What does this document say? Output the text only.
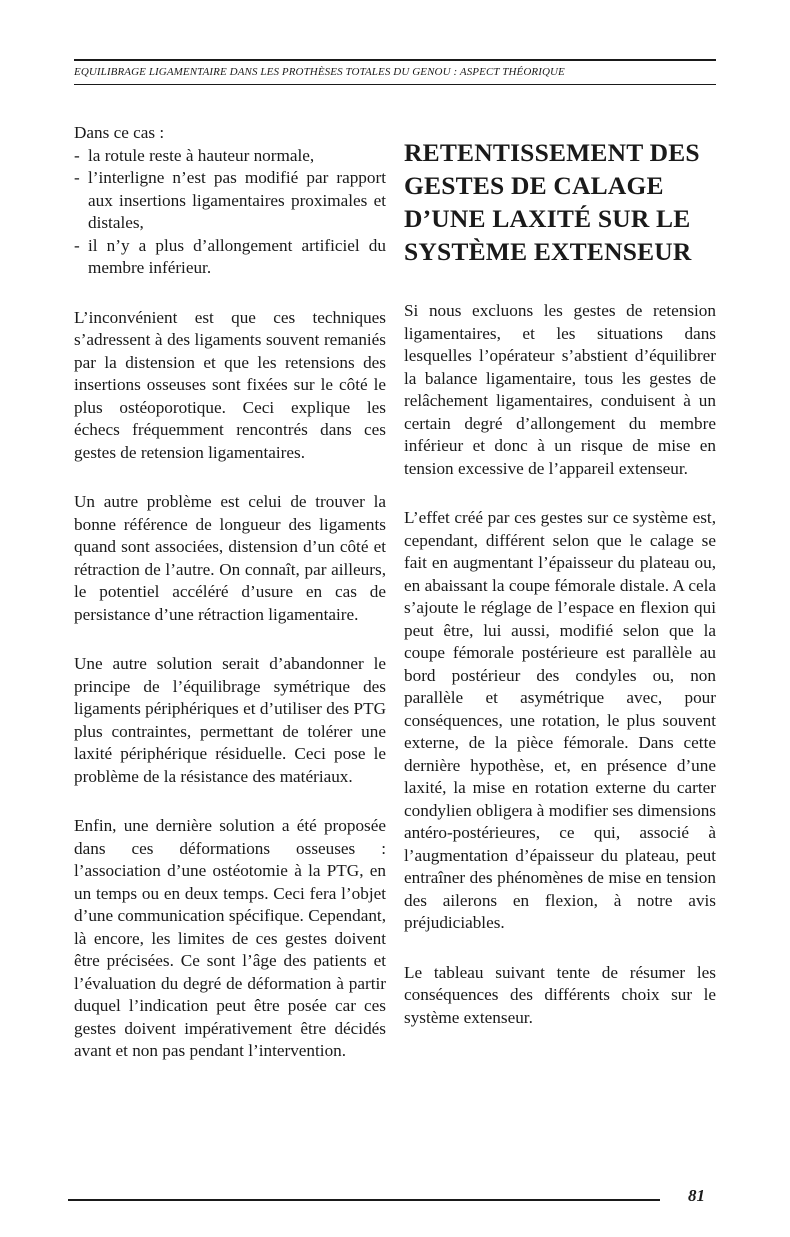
EQUILIBRAGE LIGAMENTAIRE DANS LES PROTHÈSES TOTALES DU GENOU : ASPECT THÉORIQUE

Dans ce cas :

- la rotule reste à hauteur normale,
- l’interligne n’est pas modifié par rapport aux insertions ligamentaires proximales et distales,
- il n’y a plus d’allongement artificiel du membre inférieur.

L’inconvénient est que ces techniques s’adressent à des ligaments souvent remaniés par la distension et que les retensions des insertions osseuses sont fixées sur le côté le plus ostéoporotique. Ceci explique les échecs fréquemment rencontrés dans ces gestes de retension ligamentaires.

Un autre problème est celui de trouver la bonne référence de longueur des ligaments quand sont associées, distension d’un côté et rétraction de l’autre. On connaît, par ailleurs, le potentiel accéléré d’usure en cas de persistance d’une rétraction ligamentaire.

Une autre solution serait d’abandonner le principe de l’équilibrage symétrique des ligaments périphériques et d’utiliser des PTG plus contraintes, permettant de tolérer une laxité périphérique résiduelle. Ceci pose le problème de la résistance des matériaux.

Enfin, une dernière solution a été proposée dans ces déformations osseuses : l’association d’une ostéotomie à la PTG, en un temps ou en deux temps. Ceci fera l’objet d’une communication spécifique. Cependant, là encore, les limites de ces gestes doivent être précisées. Ce sont l’âge des patients et l’évaluation du degré de déformation à partir duquel l’indication peut être posée car ces gestes doivent impérativement être décidés avant et non pas pendant l’intervention.

RETENTISSEMENT DES GESTES DE CALAGE D’UNE LAXITÉ SUR LE SYSTÈME EXTENSEUR

Si nous excluons les gestes de retension ligamentaires, et les situations dans lesquelles l’opérateur s’abstient d’équilibrer la balance ligamentaire, tous les gestes de relâchement ligamentaires, conduisent à un certain degré d’allongement du membre inférieur et donc à un risque de mise en tension excessive de l’appareil extenseur.

L’effet créé par ces gestes sur ce système est, cependant, différent selon que le calage se fait en augmentant l’épaisseur du plateau ou, en abaissant la coupe fémorale distale. A cela s’ajoute le réglage de l’espace en flexion qui peut être, lui aussi, modifié selon que la coupe fémorale postérieure est parallèle au bord postérieur des condyles ou, non parallèle et asymétrique avec, pour conséquences, une rotation, le plus souvent externe, de la pièce fémorale. Dans cette dernière hypothèse, et, en présence d’une laxité, la mise en rotation externe du carter condylien obligera à modifier ses dimensions antéro-postérieures, ce qui, associé à l’augmentation d’épaisseur du plateau, peut entraîner des phénomènes de mise en tension des ailerons en flexion, à notre avis préjudiciables.

Le tableau suivant tente de résumer les conséquences des différents choix sur le système extenseur.

81
